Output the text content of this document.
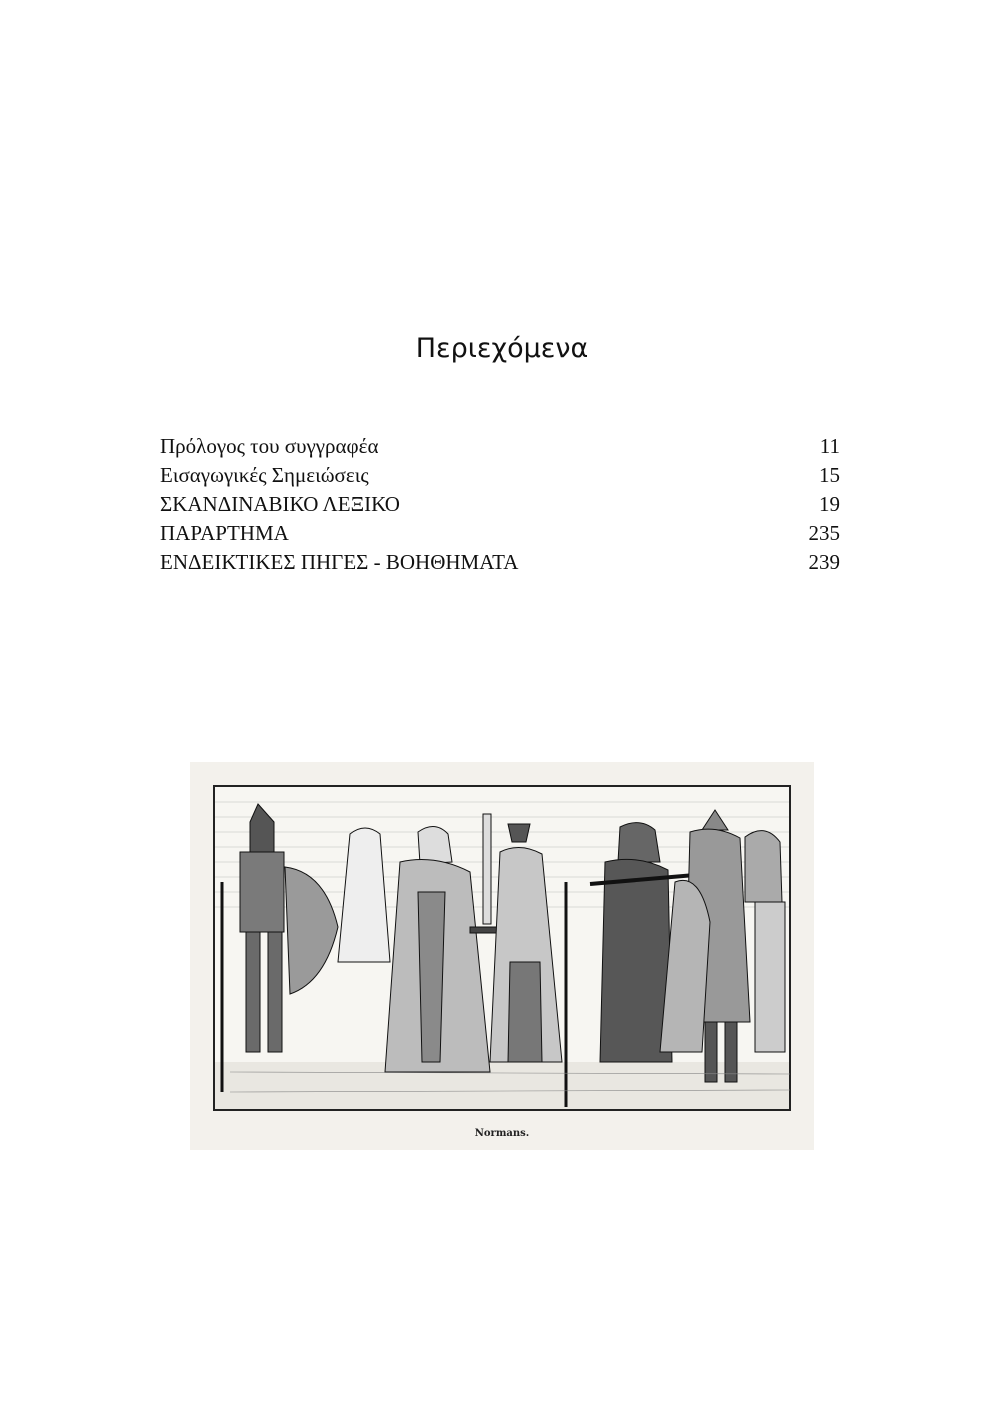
Περιεχόμενα
Πρόλογος του συγγραφέα	11
Εισαγωγικές Σημειώσεις	15
ΣΚΑΝΔΙΝΑΒΙΚΟ ΛΕΞΙΚΟ	19
ΠΑΡΑΡΤΗΜΑ	235
ΕΝΔΕΙΚΤΙΚΕΣ ΠΗΓΕΣ - ΒΟΗΘΗΜΑΤΑ	239
Normans.
